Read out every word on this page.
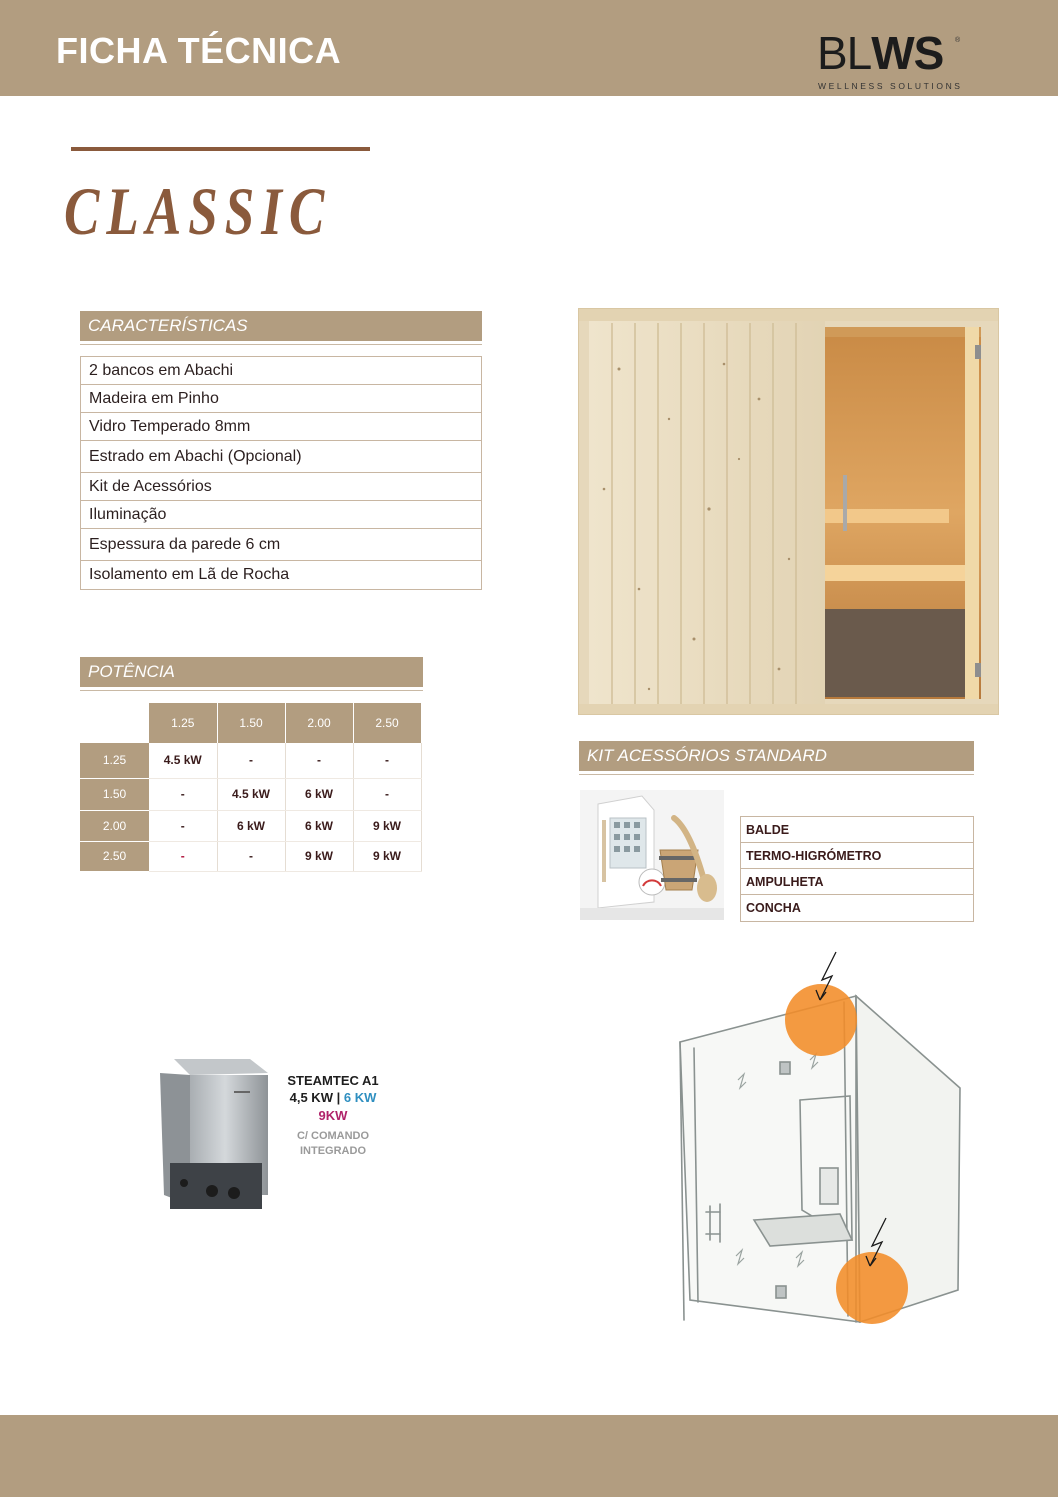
FICHA TÉCNICA	BLWS ®
WELLNESS SOLUTIONS
CLASSIC
CARACTERÍSTICAS
2 bancos em Abachi
Madeira em Pinho
Vidro Temperado 8mm
Estrado em Abachi (Opcional)
Kit de Acessórios
Iluminação
Espessura da parede 6 cm
Isolamento em Lã de Rocha
POTÊNCIA
	1.25	1.50	2.00	2.50
1.25	4.5 kW	-	-	-
1.50	-	4.5 kW	6 kW	-
2.00	-	6 kW	6 kW	9 kW
2.50	-	-	9 kW	9 kW
KIT ACESSÓRIOS STANDARD
BALDE
TERMO-HIGRÓMETRO
AMPULHETA
CONCHA
STEAMTEC A1
4,5 KW | 6 KW
9KW
C/ COMANDO
INTEGRADO
